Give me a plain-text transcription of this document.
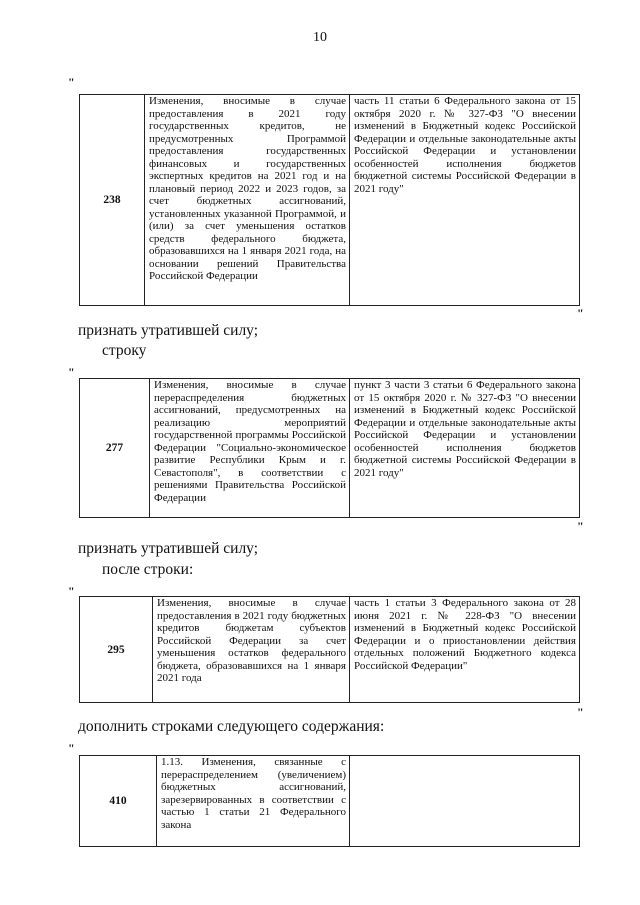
10
"
238	Изменения, вносимые в случае предоставления в 2021 году государственных кредитов, не предусмотренных Программой предоставления государственных финансовых и государственных экспертных кредитов на 2021 год и на плановый период 2022 и 2023 годов, за счет бюджетных ассигнований, установленных указанной Программой, и (или) за счет уменьшения остатков средств федерального бюджета, образовавшихся на 1 января 2021 года, на основании решений Правительства Российской Федерации	часть 11 статьи 6 Федерального закона от 15 октября 2020 г. № 327-ФЗ "О внесении изменений в Бюджетный кодекс Российской Федерации и отдельные законодательные акты Российской Федерации и установлении особенностей исполнения бюджетов бюджетной системы Российской Федерации в 2021 году"
"
признать утратившей силу;
строку
"
277	Изменения, вносимые в случае перераспределения бюджетных ассигнований, предусмотренных на реализацию мероприятий государственной программы Российской Федерации "Социально-экономическое развитие Республики Крым и г. Севастополя", в соответствии с решениями Правительства Российской Федерации	пункт 3 части 3 статьи 6 Федерального закона от 15 октября 2020 г. № 327-ФЗ "О внесении изменений в Бюджетный кодекс Российской Федерации и отдельные законодательные акты Российской Федерации и установлении особенностей исполнения бюджетов бюджетной системы Российской Федерации в 2021 году"
"
признать утратившей силу;
после строки:
"
295	Изменения, вносимые в случае предоставления в 2021 году бюджетных кредитов бюджетам субъектов Российской Федерации за счет уменьшения остатков федерального бюджета, образовавшихся на 1 января 2021 года	часть 1 статьи 3 Федерального закона от 28 июня 2021 г. № 228-ФЗ "О внесении изменений в Бюджетный кодекс Российской Федерации и о приостановлении действия отдельных положений Бюджетного кодекса Российской Федерации"
"
дополнить строками следующего содержания:
"
410	1.13. Изменения, связанные с перераспределением (увеличением) бюджетных ассигнований, зарезервированных в соответствии с частью 1 статьи 21 Федерального закона	
